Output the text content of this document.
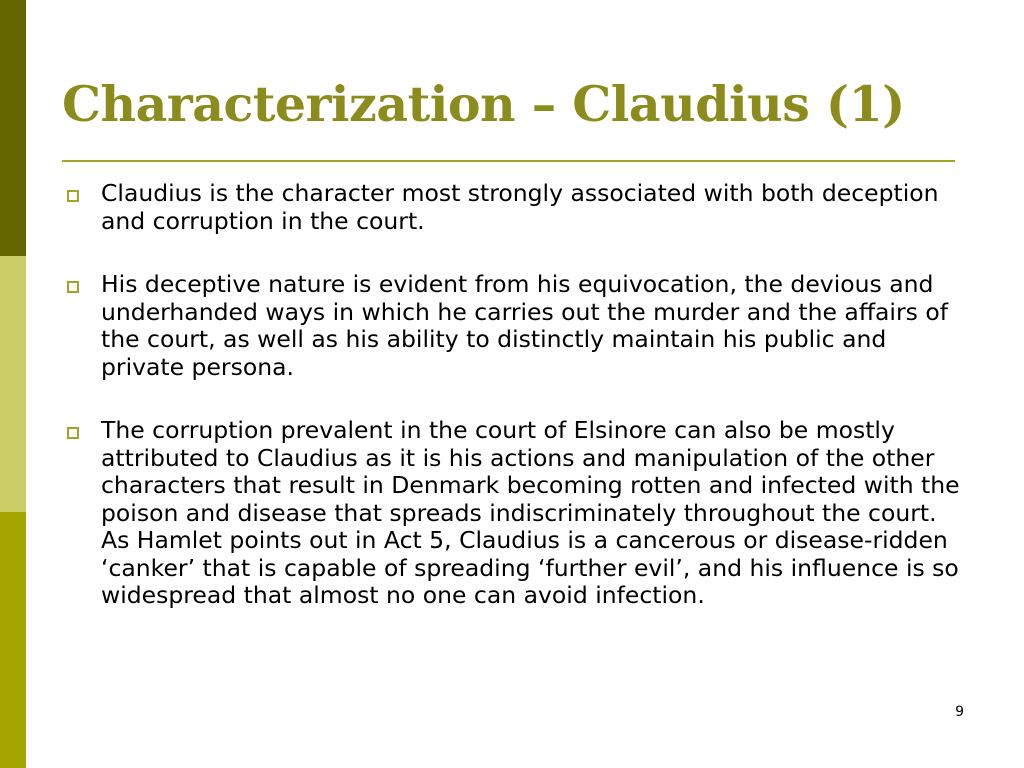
Characterization – Claudius (1)
Claudius is the character most strongly associated with both deception and corruption in the court.
His deceptive nature is evident from his equivocation, the devious and underhanded ways in which he carries out the murder and the affairs of the court, as well as his ability to distinctly maintain his public and private persona.
The corruption prevalent in the court of Elsinore can also be mostly attributed to Claudius as it is his actions and manipulation of the other characters that result in Denmark becoming rotten and infected with the poison and disease that spreads indiscriminately throughout the court. As Hamlet points out in Act 5, Claudius is a cancerous or disease-ridden ‘canker’ that is capable of spreading ‘further evil’, and his influence is so widespread that almost no one can avoid infection.
9
